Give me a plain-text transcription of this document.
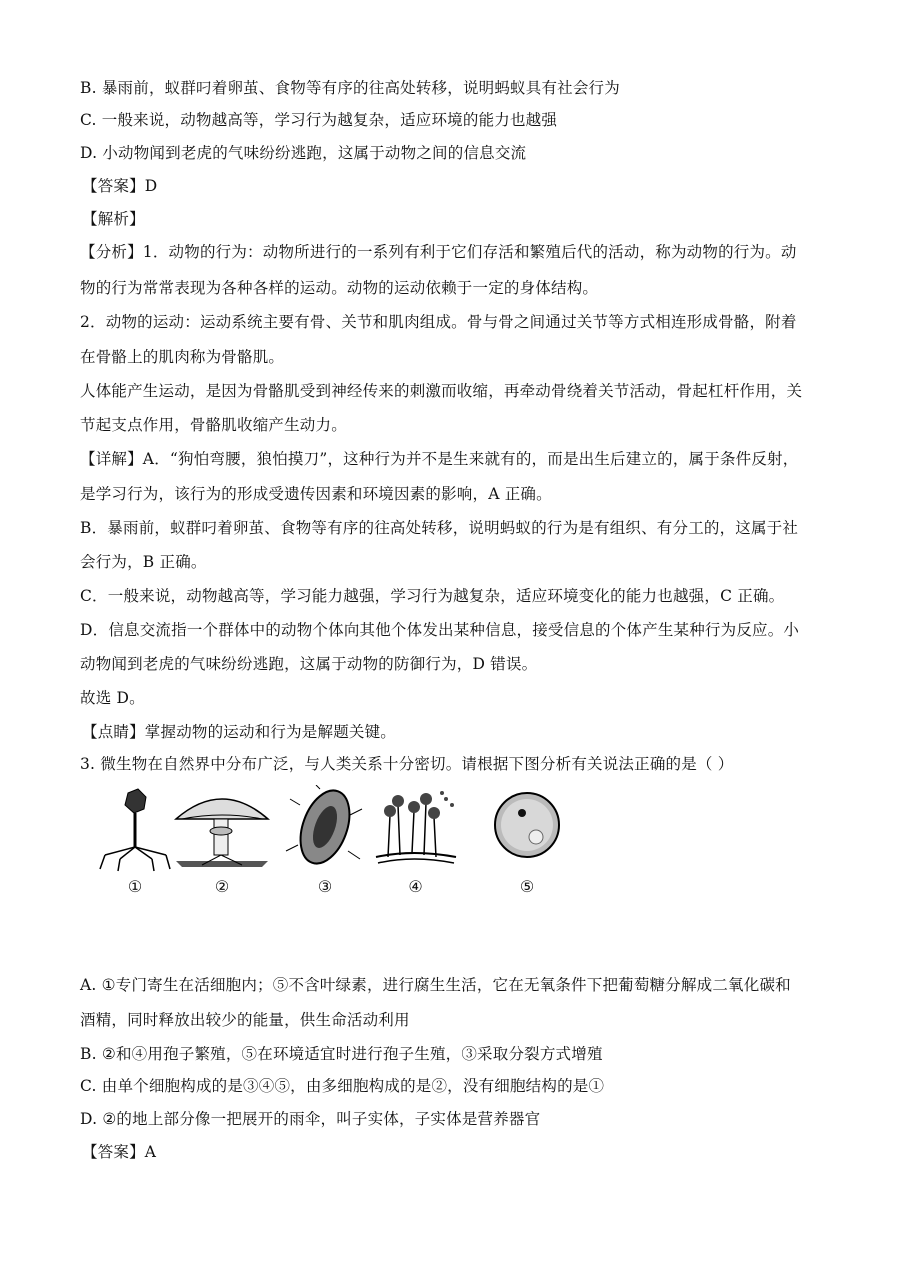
B. 暴雨前，蚁群叼着卵茧、食物等有序的往高处转移，说明蚂蚁具有社会行为
C. 一般来说，动物越高等，学习行为越复杂，适应环境的能力也越强
D. 小动物闻到老虎的气味纷纷逃跑，这属于动物之间的信息交流
【答案】D
【解析】
【分析】1．动物的行为：动物所进行的一系列有利于它们存活和繁殖后代的活动，称为动物的行为。动
物的行为常常表现为各种各样的运动。动物的运动依赖于一定的身体结构。
2．动物的运动：运动系统主要有骨、关节和肌肉组成。骨与骨之间通过关节等方式相连形成骨骼，附着
在骨骼上的肌肉称为骨骼肌。
人体能产生运动，是因为骨骼肌受到神经传来的刺激而收缩，再牵动骨绕着关节活动，骨起杠杆作用，关
节起支点作用，骨骼肌收缩产生动力。
【详解】A．“狗怕弯腰，狼怕摸刀”，这种行为并不是生来就有的，而是出生后建立的，属于条件反射，
是学习行为，该行为的形成受遗传因素和环境因素的影响，A 正确。
B．暴雨前，蚁群叼着卵茧、食物等有序的往高处转移，说明蚂蚁的行为是有组织、有分工的，这属于社
会行为，B 正确。
C．一般来说，动物越高等，学习能力越强，学习行为越复杂，适应环境变化的能力也越强，C 正确。
D．信息交流指一个群体中的动物个体向其他个体发出某种信息，接受信息的个体产生某种行为反应。小
动物闻到老虎的气味纷纷逃跑，这属于动物的防御行为，D 错误。
故选 D。
【点睛】掌握动物的运动和行为是解题关键。
3. 微生物在自然界中分布广泛，与人类关系十分密切。请根据下图分析有关说法正确的是（ ）
①	②	③	④	⑤
A. ①专门寄生在活细胞内；⑤不含叶绿素，进行腐生生活，它在无氧条件下把葡萄糖分解成二氧化碳和
酒精，同时释放出较少的能量，供生命活动利用
B. ②和④用孢子繁殖，⑤在环境适宜时进行孢子生殖，③采取分裂方式增殖
C. 由单个细胞构成的是③④⑤，由多细胞构成的是②，没有细胞结构的是①
D. ②的地上部分像一把展开的雨伞，叫子实体，子实体是营养器官
【答案】A
